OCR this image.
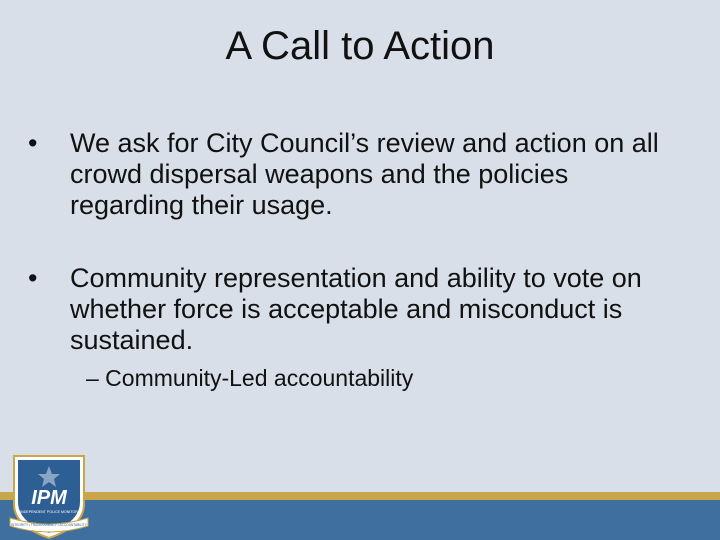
A Call to Action
• We ask for City Council’s review and action on all crowd dispersal weapons and the policies regarding their usage.
• Community representation and ability to vote on whether force is acceptable and misconduct is sustained.
– Community-Led accountability
IPM
INDEPENDENT POLICE MONITOR
INTEGRITY • TRANSPARENCY • ACCOUNTABILITY
